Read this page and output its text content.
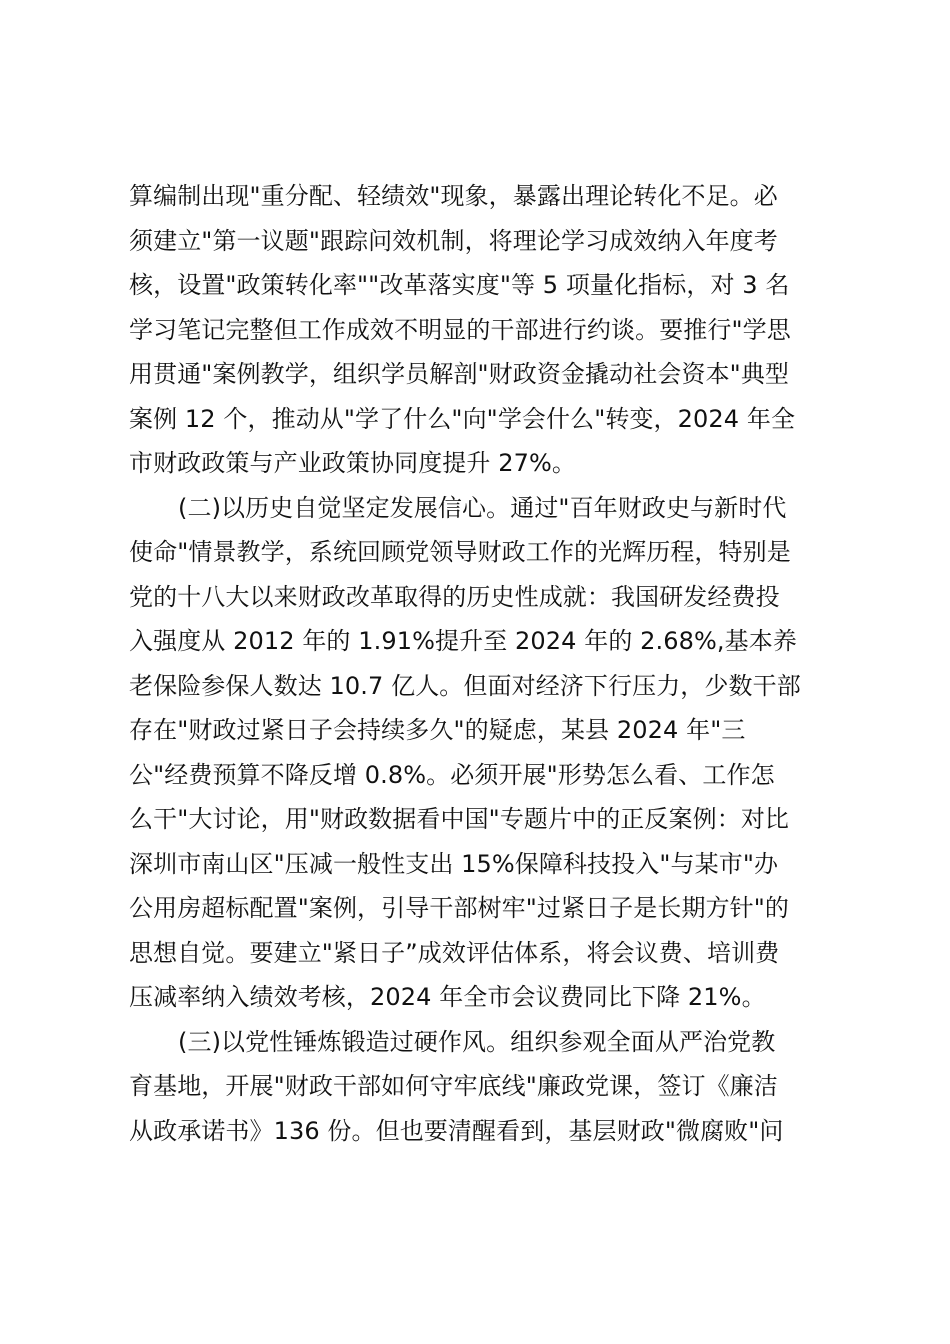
算编制出现"重分配、轻绩效"现象，暴露出理论转化不足。必
须建立"第一议题"跟踪问效机制，将理论学习成效纳入年度考
核，设置"政策转化率""改革落实度"等 5 项量化指标，对 3 名
学习笔记完整但工作成效不明显的干部进行约谈。要推行"学思
用贯通"案例教学，组织学员解剖"财政资金撬动社会资本"典型
案例 12 个，推动从"学了什么"向"学会什么"转变，2024 年全
市财政政策与产业政策协同度提升 27%。
(二)以历史自觉坚定发展信心。通过"百年财政史与新时代
使命"情景教学，系统回顾党领导财政工作的光辉历程，特别是
党的十八大以来财政改革取得的历史性成就：我国研发经费投
入强度从 2012 年的 1.91%提升至 2024 年的 2.68%,基本养
老保险参保人数达 10.7 亿人。但面对经济下行压力，少数干部
存在"财政过紧日子会持续多久"的疑虑，某县 2024 年"三
公"经费预算不降反增 0.8%。必须开展"形势怎么看、工作怎
么干"大讨论，用"财政数据看中国"专题片中的正反案例：对比
深圳市南山区"压减一般性支出 15%保障科技投入"与某市"办
公用房超标配置"案例，引导干部树牢"过紧日子是长期方针"的
思想自觉。要建立"紧日子”成效评估体系，将会议费、培训费
压减率纳入绩效考核，2024 年全市会议费同比下降 21%。
(三)以党性锤炼锻造过硬作风。组织参观全面从严治党教
育基地，开展"财政干部如何守牢底线"廉政党课，签订《廉洁
从政承诺书》136 份。但也要清醒看到，基层财政"微腐败"问
